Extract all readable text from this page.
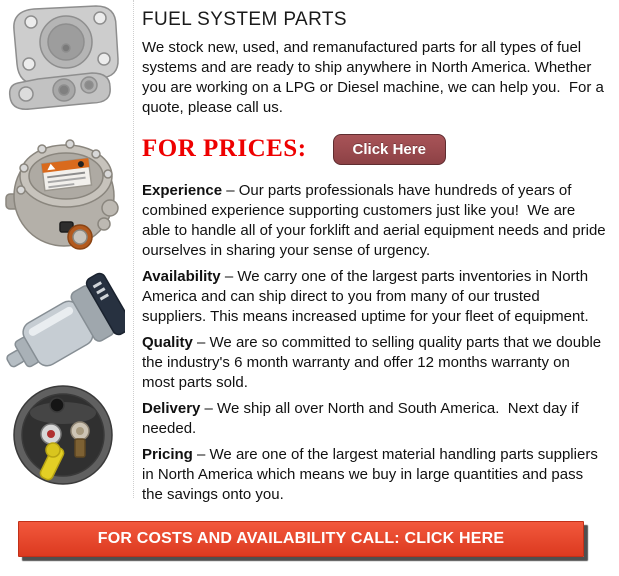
FUEL SYSTEM PARTS

We stock new, used, and remanufactured parts for all types of fuel systems and are ready to ship anywhere in North America. Whether you are working on a LPG or Diesel machine, we can help you.  For a quote, please call us.

FOR PRICES:	Click Here

Experience – Our parts professionals have hundreds of years of combined experience supporting customers just like you!  We are able to handle all of your forklift and aerial equipment needs and pride ourselves in sharing your sense of urgency.

Availability – We carry one of the largest parts inventories in North America and can ship direct to you from many of our trusted suppliers. This means increased uptime for your fleet of equipment.

Quality – We are so committed to selling quality parts that we double the industry's 6 month warranty and offer 12 months warranty on most parts sold.

Delivery – We ship all over North and South America.  Next day if needed.

Pricing – We are one of the largest material handling parts suppliers in North America which means we buy in large quantities and pass the savings onto you.

FOR COSTS AND AVAILABILITY CALL: CLICK HERE
